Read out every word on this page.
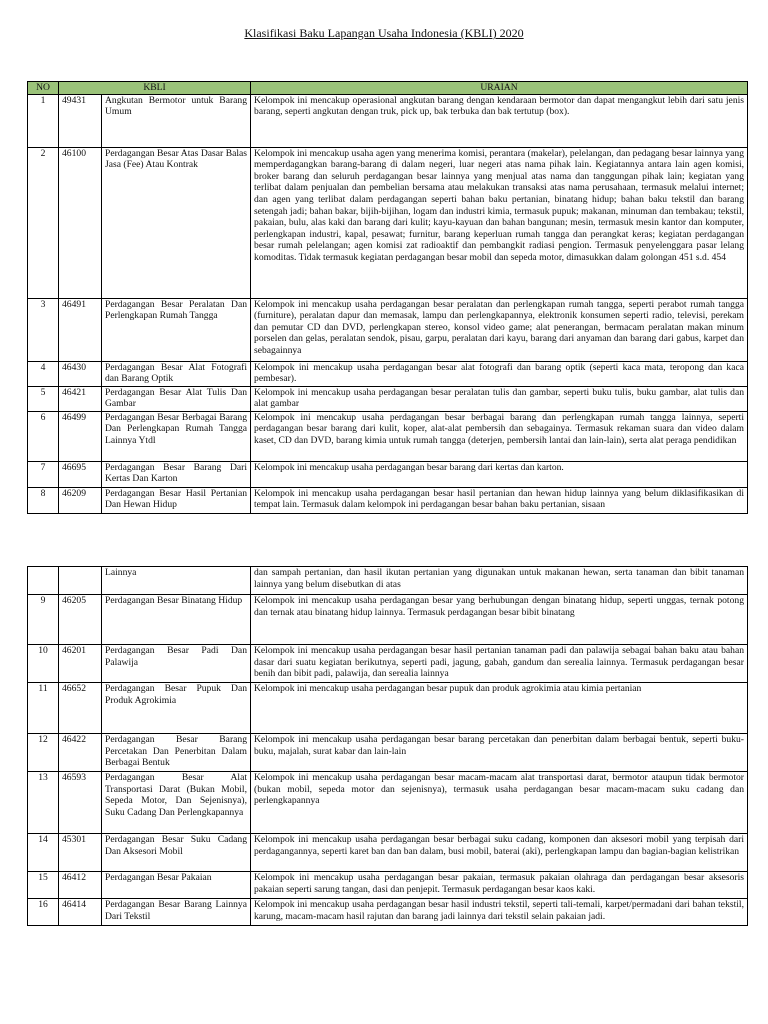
Klasifikasi Baku Lapangan Usaha Indonesia (KBLI) 2020
NO	KBLI		URAIAN
1	49431	Angkutan Bermotor untuk Barang Umum	Kelompok ini mencakup operasional angkutan barang dengan kendaraan bermotor dan dapat mengangkut lebih dari satu jenis barang, seperti angkutan dengan truk, pick up, bak terbuka dan bak tertutup (box).
2	46100	Perdagangan Besar Atas Dasar Balas Jasa (Fee) Atau Kontrak	Kelompok ini mencakup usaha agen yang menerima komisi, perantara (makelar), pelelangan, dan pedagang besar lainnya yang memperdagangkan barang-barang di dalam negeri, luar negeri atas nama pihak lain. Kegiatannya antara lain agen komisi, broker barang dan seluruh perdagangan besar lainnya yang menjual atas nama dan tanggungan pihak lain; kegiatan yang terlibat dalam penjualan dan pembelian bersama atau melakukan transaksi atas nama perusahaan, termasuk melalui internet; dan agen yang terlibat dalam perdagangan seperti bahan baku pertanian, binatang hidup; bahan baku tekstil dan barang setengah jadi; bahan bakar, bijih-bijihan, logam dan industri kimia, termasuk pupuk; makanan, minuman dan tembakau; tekstil, pakaian, bulu, alas kaki dan barang dari kulit; kayu-kayuan dan bahan bangunan; mesin, termasuk mesin kantor dan komputer, perlengkapan industri, kapal, pesawat; furnitur, barang keperluan rumah tangga dan perangkat keras; kegiatan perdagangan besar rumah pelelangan; agen komisi zat radioaktif dan pembangkit radiasi pengion. Termasuk penyelenggara pasar lelang komoditas. Tidak termasuk kegiatan perdagangan besar mobil dan sepeda motor, dimasukkan dalam golongan 451 s.d. 454
3	46491	Perdagangan Besar Peralatan Dan Perlengkapan Rumah Tangga	Kelompok ini mencakup usaha perdagangan besar peralatan dan perlengkapan rumah tangga, seperti perabot rumah tangga (furniture), peralatan dapur dan memasak, lampu dan perlengkapannya, elektronik konsumen seperti radio, televisi, perekam dan pemutar CD dan DVD, perlengkapan stereo, konsol video game; alat penerangan, bermacam peralatan makan minum porselen dan gelas, peralatan sendok, pisau, garpu, peralatan dari kayu, barang dari anyaman dan barang dari gabus, karpet dan sebagainnya
4	46430	Perdagangan Besar Alat Fotografi dan Barang Optik	Kelompok ini mencakup usaha perdagangan besar alat fotografi dan barang optik (seperti kaca mata, teropong dan kaca pembesar).
5	46421	Perdagangan Besar Alat Tulis Dan Gambar	Kelompok ini mencakup usaha perdagangan besar peralatan tulis dan gambar, seperti buku tulis, buku gambar, alat tulis dan alat gambar
6	46499	Perdagangan Besar Berbagai Barang Dan Perlengkapan Rumah Tangga Lainnya Ytdl	Kelompok ini mencakup usaha perdagangan besar berbagai barang dan perlengkapan rumah tangga lainnya, seperti perdagangan besar barang dari kulit, koper, alat-alat pembersih dan sebagainya. Termasuk rekaman suara dan video dalam kaset, CD dan DVD, barang kimia untuk rumah tangga (deterjen, pembersih lantai dan lain-lain), serta alat peraga pendidikan
7	46695	Perdagangan Besar Barang Dari Kertas Dan Karton	Kelompok ini mencakup usaha perdagangan besar barang dari kertas dan karton.
8	46209	Perdagangan Besar Hasil Pertanian Dan Hewan Hidup	Kelompok ini mencakup usaha perdagangan besar hasil pertanian dan hewan hidup lainnya yang belum diklasifikasikan di tempat lain. Termasuk dalam kelompok ini perdagangan besar bahan baku pertanian, sisaan
		Lainnya	dan sampah pertanian, dan hasil ikutan pertanian yang digunakan untuk makanan hewan, serta tanaman dan bibit tanaman lainnya yang belum disebutkan di atas
9	46205	Perdagangan Besar Binatang Hidup	Kelompok ini mencakup usaha perdagangan besar yang berhubungan dengan binatang hidup, seperti unggas, ternak potong dan ternak atau binatang hidup lainnya. Termasuk perdagangan besar bibit binatang
10	46201	Perdagangan Besar Padi Dan Palawija	Kelompok ini mencakup usaha perdagangan besar hasil pertanian tanaman padi dan palawija sebagai bahan baku atau bahan dasar dari suatu kegiatan berikutnya, seperti padi, jagung, gabah, gandum dan serealia lainnya. Termasuk perdagangan besar benih dan bibit padi, palawija, dan serealia lainnya
11	46652	Perdagangan Besar Pupuk Dan Produk Agrokimia	Kelompok ini mencakup usaha perdagangan besar pupuk dan produk agrokimia atau kimia pertanian
12	46422	Perdagangan Besar Barang Percetakan Dan Penerbitan Dalam Berbagai Bentuk	Kelompok ini mencakup usaha perdagangan besar barang percetakan dan penerbitan dalam berbagai bentuk, seperti buku-buku, majalah, surat kabar dan lain-lain
13	46593	Perdagangan Besar Alat Transportasi Darat (Bukan Mobil, Sepeda Motor, Dan Sejenisnya), Suku Cadang Dan Perlengkapannya	Kelompok ini mencakup usaha perdagangan besar macam-macam alat transportasi darat, bermotor ataupun tidak bermotor (bukan mobil, sepeda motor dan sejenisnya), termasuk usaha perdagangan besar macam-macam suku cadang dan perlengkapannya
14	45301	Perdagangan Besar Suku Cadang Dan Aksesori Mobil	Kelompok ini mencakup usaha perdagangan besar berbagai suku cadang, komponen dan aksesori mobil yang terpisah dari perdagangannya, seperti karet ban dan ban dalam, busi mobil, baterai (aki), perlengkapan lampu dan bagian-bagian kelistrikan
15	46412	Perdagangan Besar Pakaian	Kelompok ini mencakup usaha perdagangan besar pakaian, termasuk pakaian olahraga dan perdagangan besar aksesoris pakaian seperti sarung tangan, dasi dan penjepit. Termasuk perdagangan besar kaos kaki.
16	46414	Perdagangan Besar Barang Lainnya Dari Tekstil	Kelompok ini mencakup usaha perdagangan besar hasil industri tekstil, seperti tali-temali, karpet/permadani dari bahan tekstil, karung, macam-macam hasil rajutan dan barang jadi lainnya dari tekstil selain pakaian jadi.
